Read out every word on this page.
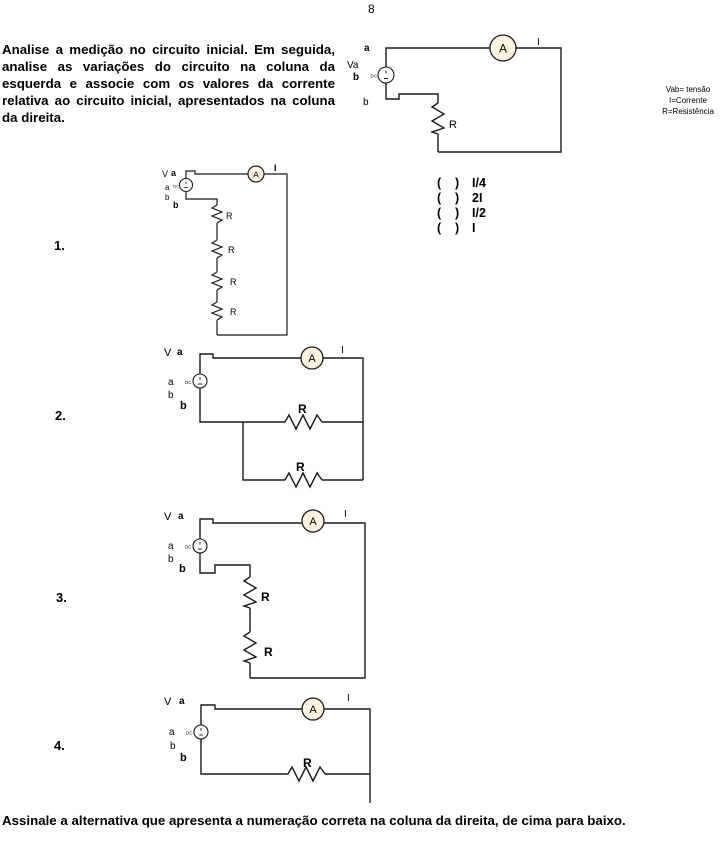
8
Analise a medição no circuito inicial. Em seguida, analise as variações do circuito na coluna da esquerda e associe com os valores da corrente relativa ao circuito inicial, apresentados na coluna da direita.
Vab= tensão
I=Corrente
R=Resistência
A	I
a
Va
b	DC
b
R
(	)	I/4
(	)	2I
(	)	I/2
(	)	I
1.
A
I
V a
a DC
b
b
R
R
R
R
2.
A
I
V a
a	DC
b
b	R
R
3.
A
I
V a
a	DC
b
b
R
R
4.
A
I
V a
a	DC
b
b	R
Assinale a alternativa que apresenta a numeração correta na coluna da direita, de cima para baixo.
